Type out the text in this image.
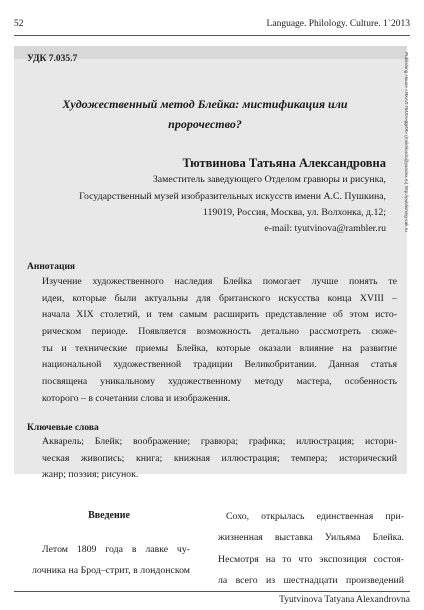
52	Language. Philology. Culture. 1`2013
УДК 7.035.7
Художественный метод Блейка: мистификация или
пророчество?
Тютвинова Татьяна Александровна
Заместитель заведующего Отделом гравюры и рисунка,
Государственный музей изобразительных искусств имени А.С. Пушкина,
119019, Россия, Москва, ул. Волхонка, д.12;
e-mail: tyutvinova@rambler.ru
Аннотация
Изучение художественного наследия Блейка помогает лучше понять те
идеи, которые были актуальны для британского искусства конца XVIII –
начала XIX столетий, и тем самым расширить представление об этом исто-
рическом периоде. Появляется возможность детально рассмотреть сюже-
ты и технические приемы Блейка, которые оказали влияние на развитие
национальной художественной традиции Великобритании. Данная статья
посвящена уникальному художественному методу мастера, особенность
которого – в сочетании слова и изображения.
Ключевые слова
Акварель; Блейк; воображение; гравюра; графика; иллюстрация; истори-
ческая живопись; книга; книжная иллюстрация; темпера; исторический
жанр; поэзия; рисунок.
Publishing House «ЯХАЛ-ПИЛАНДИЯ» (rmikhlordc@yandex.ru) http://publishing-vak.ru
Введение
Летом 1809 года в лавке чу-
лочника на Брод–стрит, в лондонском
Сохо, открылась единственная при-
жизненная выставка Уильяма Блейка.
Несмотря на то что экспозиция состоя-
ла всего из шестнадцати произведений
Tyutvinova Tatyana Alexandrovna
